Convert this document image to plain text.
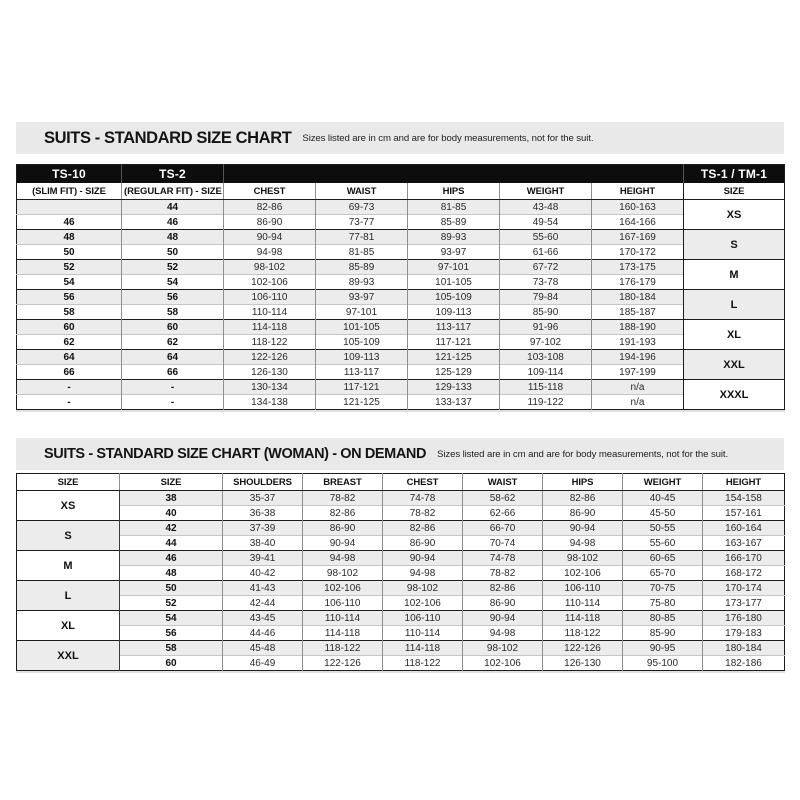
SUITS - STANDARD SIZE CHART Sizes listed are in cm and are for body measurements, not for the suit.
TS-10	TS-2						TS-1 / TM-1
(SLIM FIT) - SIZE	(REGULAR FIT) - SIZE	CHEST	WAIST	HIPS	WEIGHT	HEIGHT	SIZE
	44	82-86	69-73	81-85	43-48	160-163	XS
46	46	86-90	73-77	85-89	49-54	164-166	
48	48	90-94	77-81	89-93	55-60	167-169	S
50	50	94-98	81-85	93-97	61-66	170-172	
52	52	98-102	85-89	97-101	67-72	173-175	M
54	54	102-106	89-93	101-105	73-78	176-179	
56	56	106-110	93-97	105-109	79-84	180-184	L
58	58	110-114	97-101	109-113	85-90	185-187	
60	60	114-118	101-105	113-117	91-96	188-190	XL
62	62	118-122	105-109	117-121	97-102	191-193	
64	64	122-126	109-113	121-125	103-108	194-196	XXL
66	66	126-130	113-117	125-129	109-114	197-199	
-	-	130-134	117-121	129-133	115-118	n/a	XXXL
-	-	134-138	121-125	133-137	119-122	n/a	
SUITS - STANDARD SIZE CHART (WOMAN) - ON DEMAND Sizes listed are in cm and are for body measurements, not for the suit.
SIZE	SIZE	SHOULDERS	BREAST	CHEST	WAIST	HIPS	WEIGHT	HEIGHT
XS	38	35-37	78-82	74-78	58-62	82-86	40-45	154-158
	40	36-38	82-86	78-82	62-66	86-90	45-50	157-161
S	42	37-39	86-90	82-86	66-70	90-94	50-55	160-164
	44	38-40	90-94	86-90	70-74	94-98	55-60	163-167
M	46	39-41	94-98	90-94	74-78	98-102	60-65	166-170
	48	40-42	98-102	94-98	78-82	102-106	65-70	168-172
L	50	41-43	102-106	98-102	82-86	106-110	70-75	170-174
	52	42-44	106-110	102-106	86-90	110-114	75-80	173-177
XL	54	43-45	110-114	106-110	90-94	114-118	80-85	176-180
	56	44-46	114-118	110-114	94-98	118-122	85-90	179-183
XXL	58	45-48	118-122	114-118	98-102	122-126	90-95	180-184
	60	46-49	122-126	118-122	102-106	126-130	95-100	182-186
